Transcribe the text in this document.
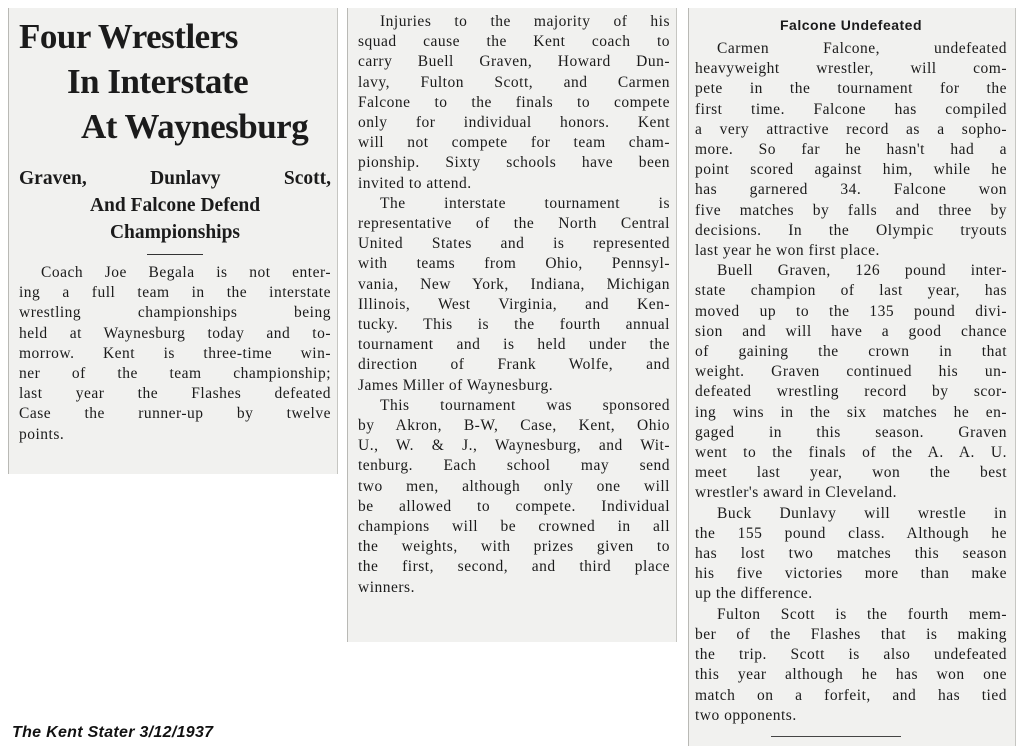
Four Wrestlers
In Interstate
At Waynesburg
Graven,	Dunlavy	Scott,
And Falcone Defend
Championships
Coach Joe Begala is not enter-
ing a full team in the interstate
wrestling championships being
held at Waynesburg today and to-
morrow. Kent is three-time win-
ner of the team championship;
last year the Flashes defeated
Case the runner-up by twelve
points.
Injuries to the majority of his
squad cause the Kent coach to
carry Buell Graven, Howard Dun-
lavy, Fulton Scott, and Carmen
Falcone to the finals to compete
only for individual honors. Kent
will not compete for team cham-
pionship. Sixty schools have been
invited to attend.
The interstate tournament is
representative of the North Central
United States and is represented
with teams from Ohio, Pennsyl-
vania, New York, Indiana, Michigan
Illinois, West Virginia, and Ken-
tucky. This is the fourth annual
tournament and is held under the
direction of Frank Wolfe, and
James Miller of Waynesburg.
This tournament was sponsored
by Akron, B-W, Case, Kent, Ohio
U., W. & J., Waynesburg, and Wit-
tenburg. Each school may send
two men, although only one will
be allowed to compete. Individual
champions will be crowned in all
the weights, with prizes given to
the first, second, and third place
winners.
Falcone Undefeated
Carmen Falcone, undefeated
heavyweight wrestler, will com-
pete in the tournament for the
first time. Falcone has compiled
a very attractive record as a sopho-
more. So far he hasn't had a
point scored against him, while he
has garnered 34. Falcone won
five matches by falls and three by
decisions. In the Olympic tryouts
last year he won first place.
Buell Graven, 126 pound inter-
state champion of last year, has
moved up to the 135 pound divi-
sion and will have a good chance
of gaining the crown in that
weight. Graven continued his un-
defeated wrestling record by scor-
ing wins in the six matches he en-
gaged in this season. Graven
went to the finals of the A. A. U.
meet last year, won the best
wrestler's award in Cleveland.
Buck Dunlavy will wrestle in
the 155 pound class. Although he
has lost two matches this season
his five victories more than make
up the difference.
Fulton Scott is the fourth mem-
ber of the Flashes that is making
the trip. Scott is also undefeated
this year although he has won one
match on a forfeit, and has tied
two opponents.
The Kent Stater 3/12/1937
